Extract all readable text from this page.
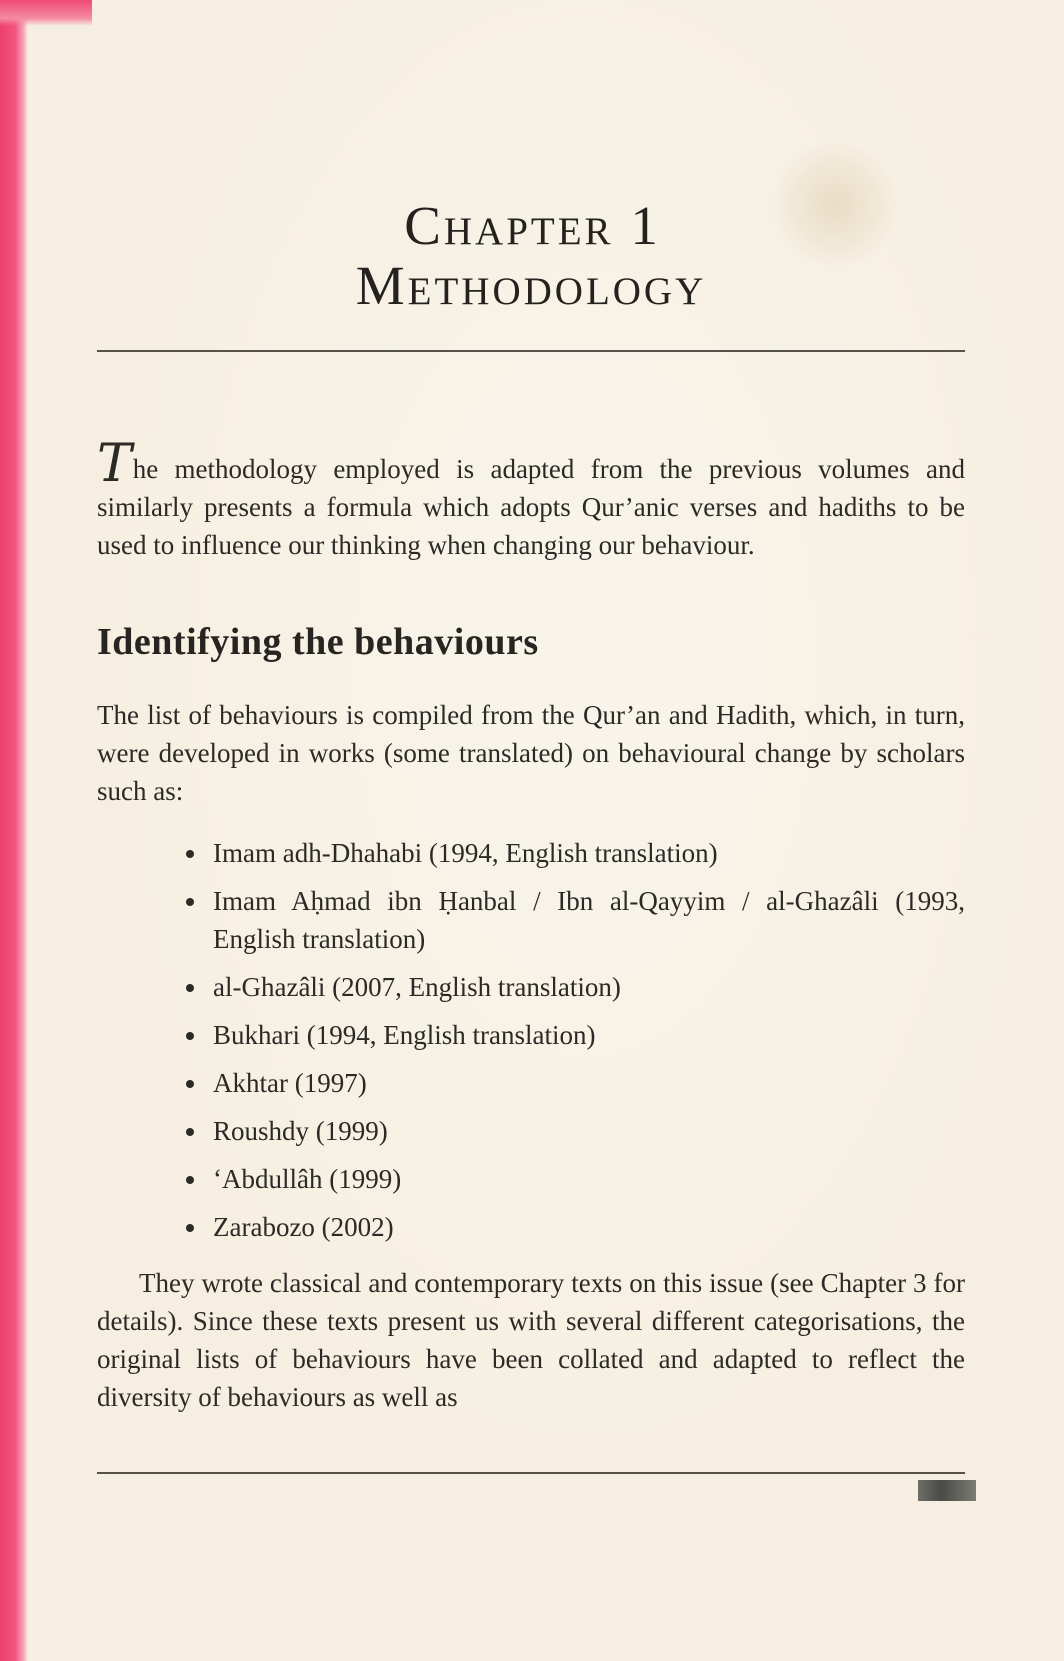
Chapter 1
Methodology

The methodology employed is adapted from the previous volumes and similarly presents a formula which adopts Qur’anic verses and hadiths to be used to influence our thinking when changing our behaviour.

Identifying the behaviours

The list of behaviours is compiled from the Qur’an and Hadith, which, in turn, were developed in works (some translated) on behavioural change by scholars such as:

• Imam adh-Dhahabi (1994, English translation)
• Imam Aḥmad ibn Ḥanbal / Ibn al-Qayyim / al-Ghazâli (1993, English translation)
• al-Ghazâli (2007, English translation)
• Bukhari (1994, English translation)
• Akhtar (1997)
• Roushdy (1999)
• ‘Abdullâh (1999)
• Zarabozo (2002)

They wrote classical and contemporary texts on this issue (see Chapter 3 for details). Since these texts present us with several different categorisations, the original lists of behaviours have been collated and adapted to reflect the diversity of behaviours as well as
